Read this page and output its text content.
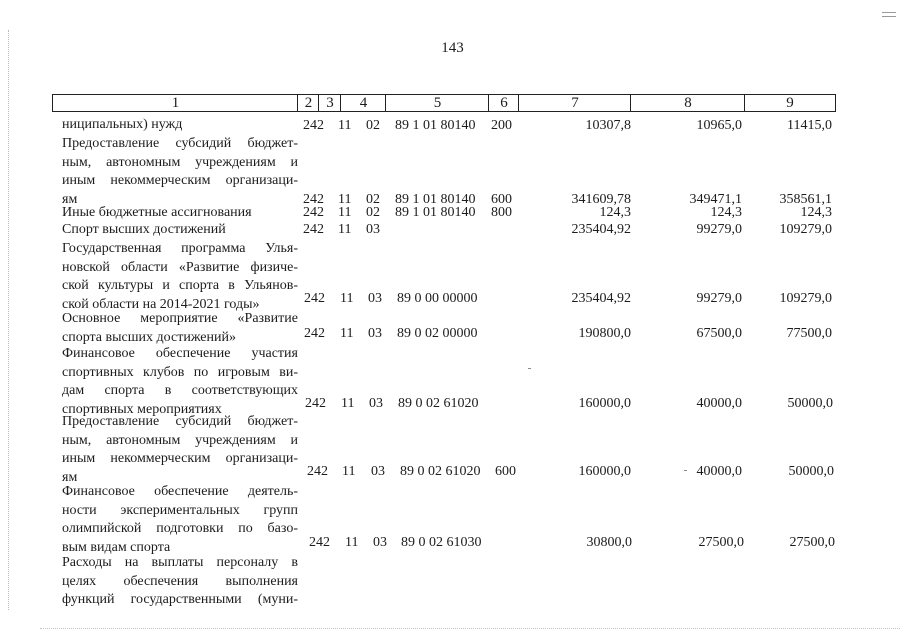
143
1	2 3	4	5	6	7	8	9
ниципальных) нужд	242 11 02 89 1 01 80140 200	10307,8	10965,0	11415,0
Предоставление субсидий бюджет-
ным, автономным учреждениям и
иным некоммерческим организаци-
ям	242 11 02 89 1 01 80140 600	341609,78	349471,1	358561,1
Иные бюджетные ассигнования	242 11 02 89 1 01 80140 800	124,3	124,3	124,3
Спорт высших достижений	242 11 03	235404,92	99279,0	109279,0
Государственная программа Улья-
новской области «Развитие физиче-
ской культуры и спорта в Ульянов-
ской области на 2014-2021 годы»	242 11 03 89 0 00 00000	235404,92	99279,0	109279,0
Основное мероприятие «Развитие
спорта высших достижений»	242 11 03 89 0 02 00000	190800,0	67500,0	77500,0
Финансовое обеспечение участия
спортивных клубов по игровым ви-
дам спорта в соответствующих
спортивных мероприятиях	242 11 03 89 0 02 61020	160000,0	40000,0	50000,0
Предоставление субсидий бюджет-
ным, автономным учреждениям и
иным некоммерческим организаци-
ям	242 11 03 89 0 02 61020 600	160000,0	40000,0	50000,0
Финансовое обеспечение деятель-
ности экспериментальных групп
олимпийской подготовки по базо-
вым видам спорта	242 11 03 89 0 02 61030	30800,0	27500,0	27500,0
Расходы на выплаты персоналу в
целях обеспечения выполнения
функций государственными (муни-
